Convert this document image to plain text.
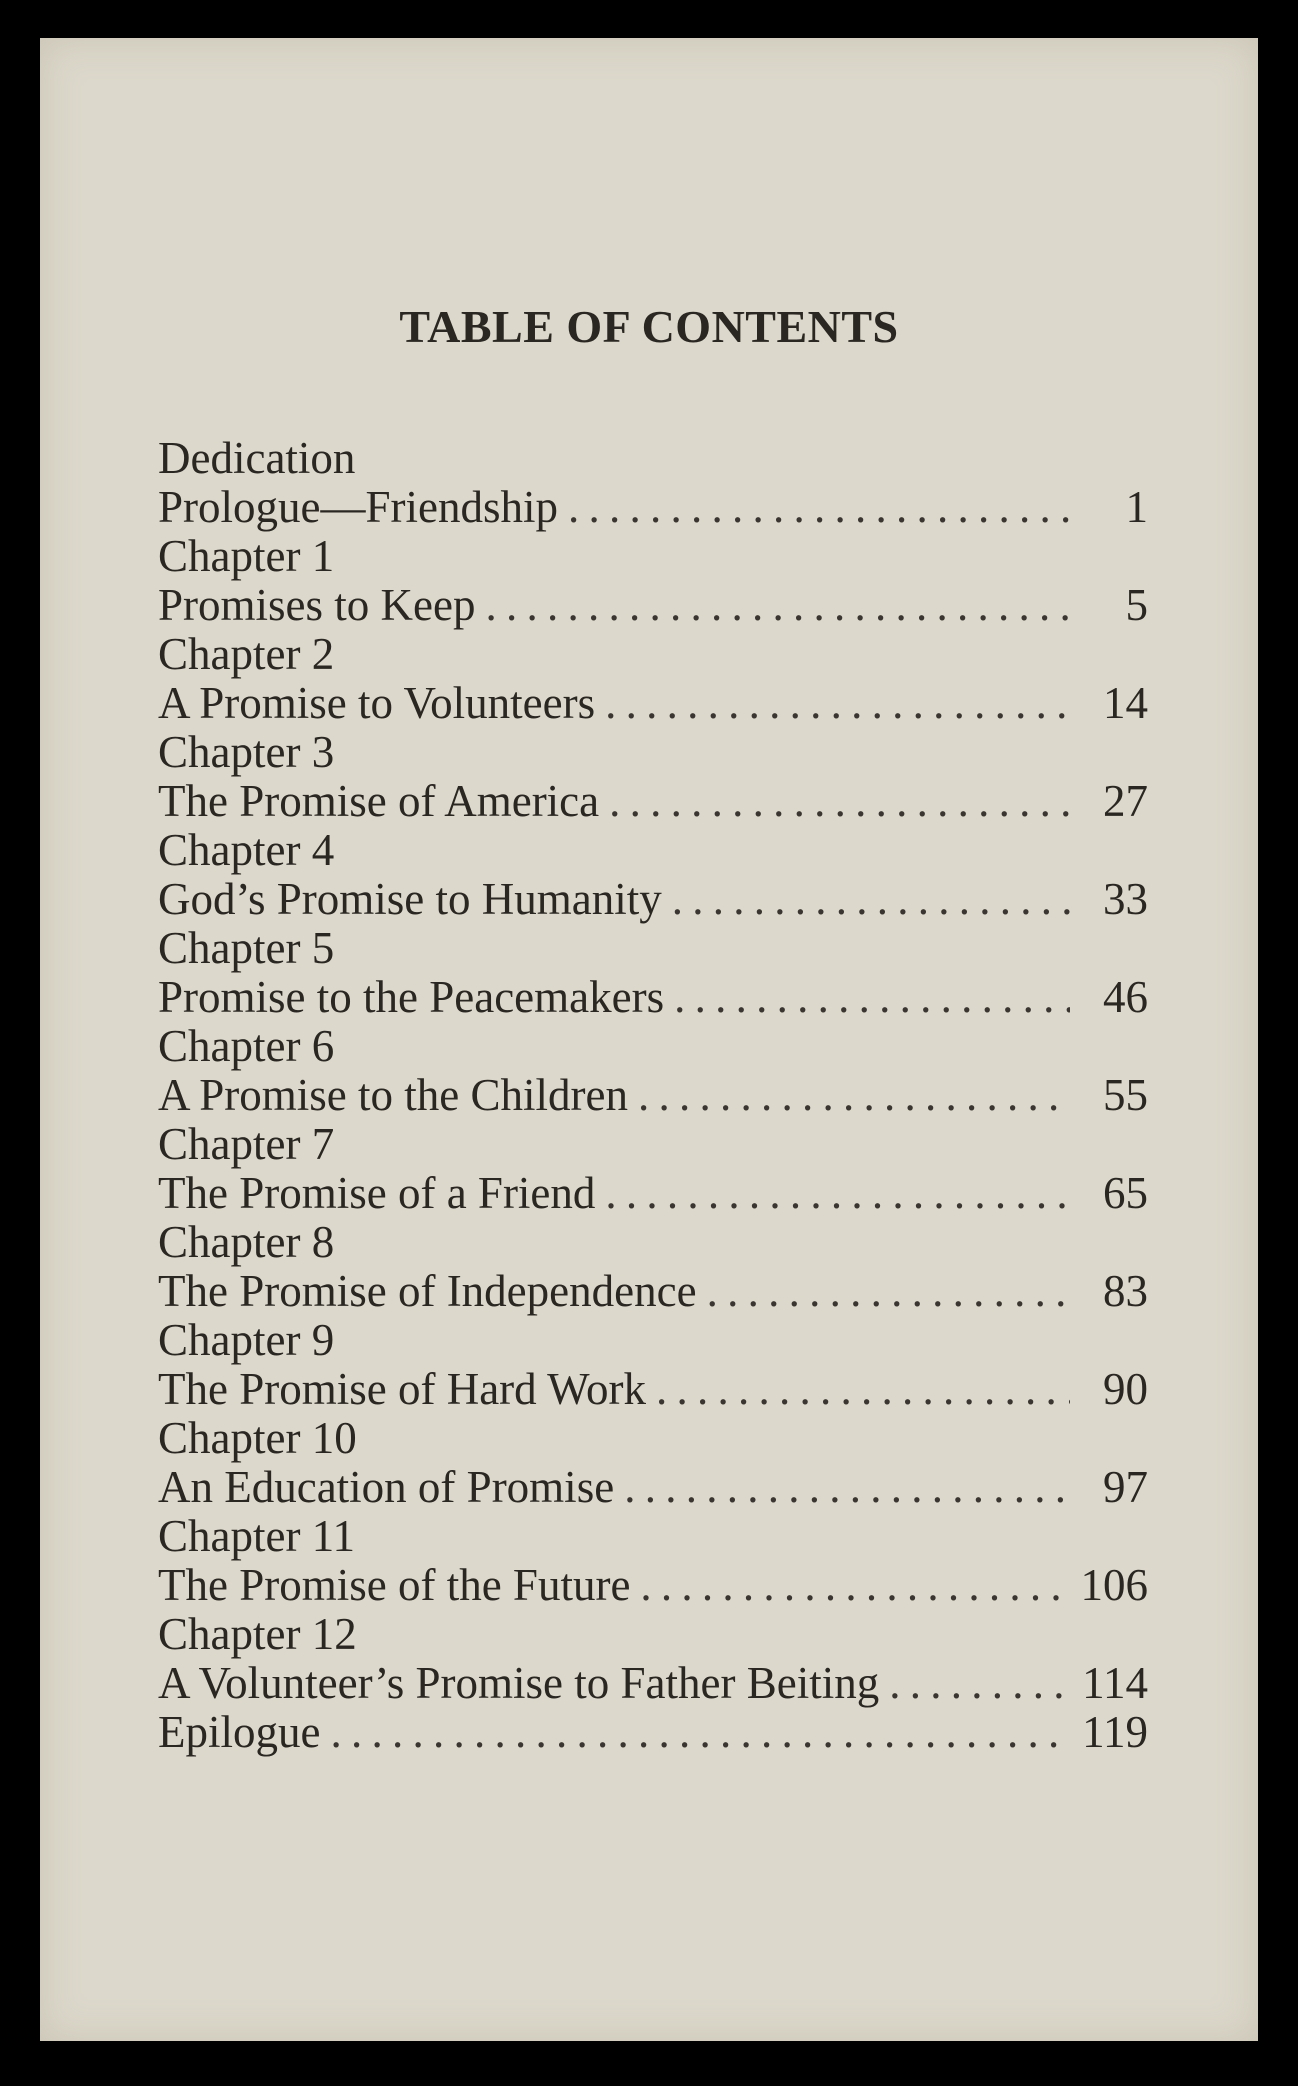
TABLE OF CONTENTS
Dedication
Prologue—Friendship . . .	1
Chapter 1
Promises to Keep . . .	5
Chapter 2
A Promise to Volunteers . . .	14
Chapter 3
The Promise of America . . .	27
Chapter 4
God’s Promise to Humanity . . .	33
Chapter 5
Promise to the Peacemakers . . .	46
Chapter 6
A Promise to the Children . . .	55
Chapter 7
The Promise of a Friend . . .	65
Chapter 8
The Promise of Independence . . .	83
Chapter 9
The Promise of Hard Work . . .	90
Chapter 10
An Education of Promise . . .	97
Chapter 11
The Promise of the Future . . .	106
Chapter 12
A Volunteer’s Promise to Father Beiting . . .	114
Epilogue . . .	119
